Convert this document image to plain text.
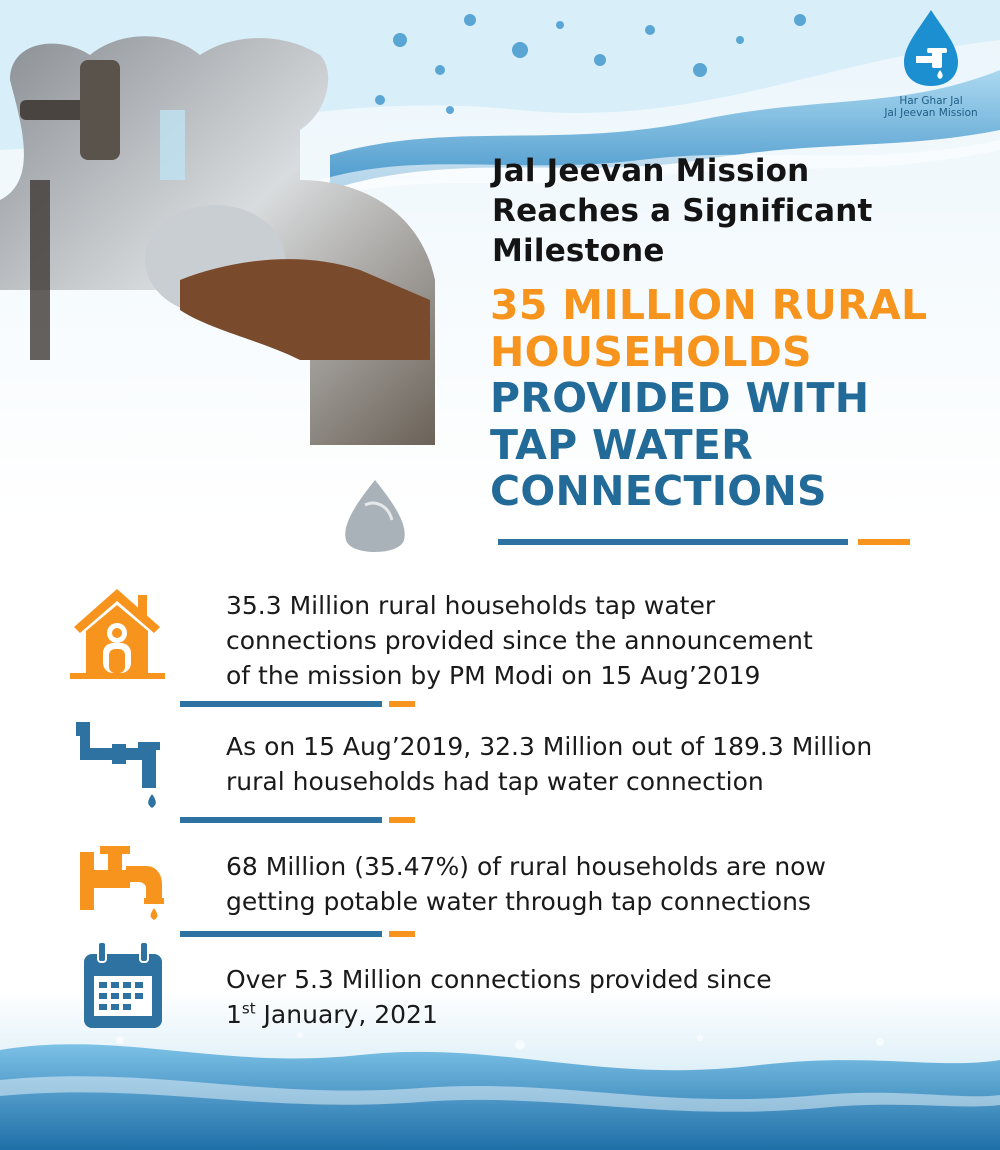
Har Ghar Jal
Jal Jeevan Mission
Jal Jeevan Mission
Reaches a Significant
Milestone
35 MILLION RURAL
HOUSEHOLDS
PROVIDED WITH
TAP WATER
CONNECTIONS
35.3 Million rural households tap water
connections provided since the announcement
of the mission by PM Modi on 15 Aug’2019
As on 15 Aug’2019, 32.3 Million out of 189.3 Million
rural households had tap water connection
68 Million (35.47%) of rural households are now
getting potable water through tap connections
Over 5.3 Million connections provided since
1st January, 2021
